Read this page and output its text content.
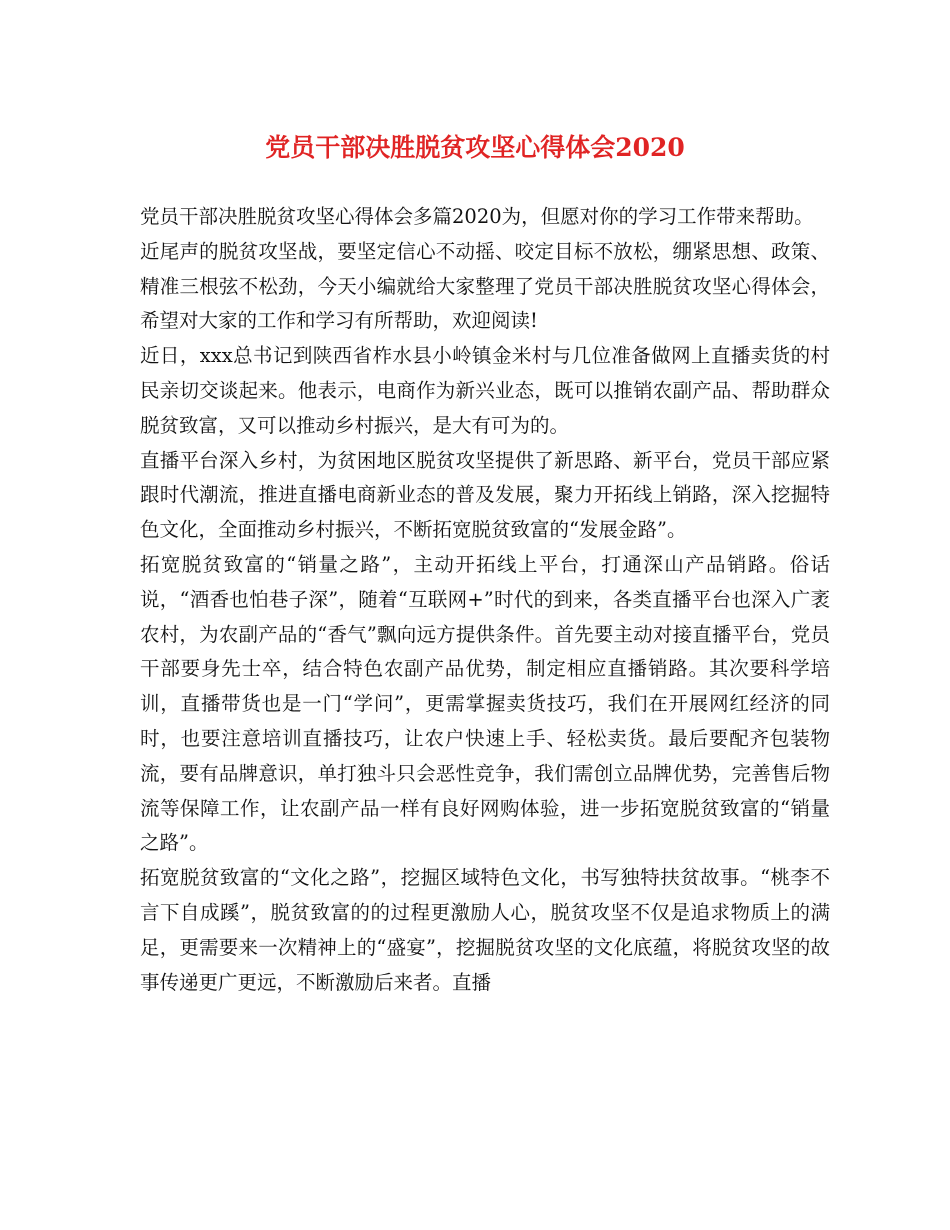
党员干部决胜脱贫攻坚心得体会2020

党员干部决胜脱贫攻坚心得体会多篇2020为，但愿对你的学习工作带来帮助。

近尾声的脱贫攻坚战，要坚定信心不动摇、咬定目标不放松，绷紧思想、政策、精准三根弦不松劲，今天小编就给大家整理了党员干部决胜脱贫攻坚心得体会，希望对大家的工作和学习有所帮助，欢迎阅读!

近日，xxx总书记到陕西省柞水县小岭镇金米村与几位准备做网上直播卖货的村民亲切交谈起来。他表示，电商作为新兴业态，既可以推销农副产品、帮助群众脱贫致富，又可以推动乡村振兴，是大有可为的。

直播平台深入乡村，为贫困地区脱贫攻坚提供了新思路、新平台，党员干部应紧跟时代潮流，推进直播电商新业态的普及发展，聚力开拓线上销路，深入挖掘特色文化，全面推动乡村振兴，不断拓宽脱贫致富的“发展金路”。

拓宽脱贫致富的“销量之路”，主动开拓线上平台，打通深山产品销路。俗话说，“酒香也怕巷子深”，随着“互联网+”时代的到来，各类直播平台也深入广袤农村，为农副产品的“香气”飘向远方提供条件。首先要主动对接直播平台，党员干部要身先士卒，结合特色农副产品优势，制定相应直播销路。其次要科学培训，直播带货也是一门“学问”，更需掌握卖货技巧，我们在开展网红经济的同时，也要注意培训直播技巧，让农户快速上手、轻松卖货。最后要配齐包装物流，要有品牌意识，单打独斗只会恶性竞争，我们需创立品牌优势，完善售后物流等保障工作，让农副产品一样有良好网购体验，进一步拓宽脱贫致富的“销量之路”。

拓宽脱贫致富的“文化之路”，挖掘区域特色文化，书写独特扶贫故事。“桃李不言下自成蹊”，脱贫致富的的过程更激励人心，脱贫攻坚不仅是追求物质上的满足，更需要来一次精神上的“盛宴”，挖掘脱贫攻坚的文化底蕴，将脱贫攻坚的故事传递更广更远，不断激励后来者。直播
